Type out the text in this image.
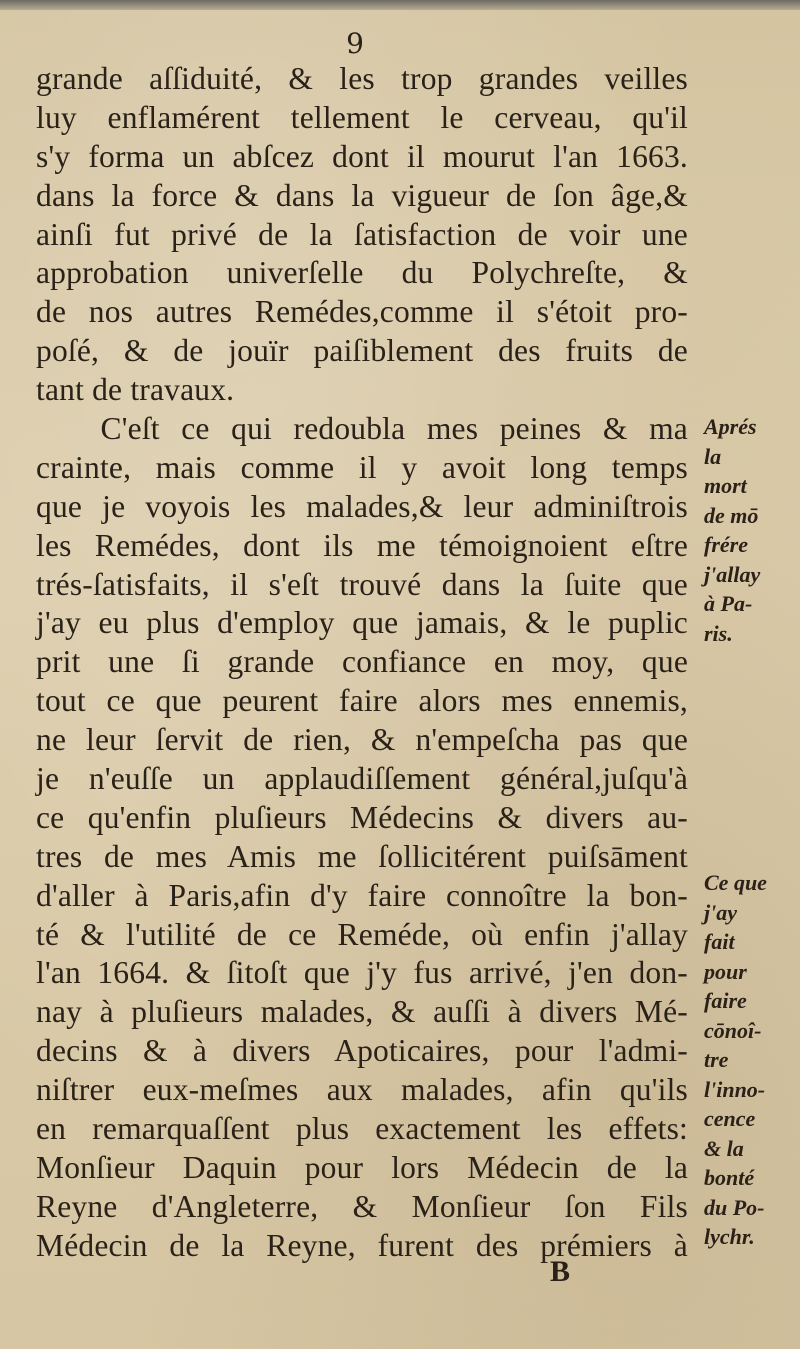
9
grande aſſiduité, & les trop grandes veilles
luy enflamérent tellement le cerveau, qu'il
s'y forma un abſcez dont il mourut l'an 1663.
dans la force & dans la vigueur de ſon âge,&
ainſi fut privé de la ſatisfaction de voir une
approbation univerſelle du Polychreſte, &
de nos autres Remédes,comme il s'étoit pro-
poſé, & de jouïr paiſiblement des fruits de
tant de travaux.
C'eſt ce qui redoubla mes peines & ma
crainte, mais comme il y avoit long temps
que je voyois les malades,& leur adminiſtrois
les Remédes, dont ils me témoignoient eſtre
trés-ſatisfaits, il s'eſt trouvé dans la ſuite que
j'ay eu plus d'employ que jamais, & le puplic
prit une ſi grande confiance en moy, que
tout ce que peurent faire alors mes ennemis,
ne leur ſervit de rien, & n'empeſcha pas que
je n'euſſe un applaudiſſement général,juſqu'à
ce qu'enfin pluſieurs Médecins & divers au-
tres de mes Amis me ſollicitérent puiſsāment
d'aller à Paris,afin d'y faire connoître la bon-
té & l'utilité de ce Reméde, où enfin j'allay
l'an 1664. & ſitoſt que j'y fus arrivé, j'en don-
nay à pluſieurs malades, & auſſi à divers Mé-
decins & à divers Apoticaires, pour l'admi-
niſtrer eux-meſmes aux malades, afin qu'ils
en remarquaſſent plus exactement les effets:
Monſieur Daquin pour lors Médecin de la
Reyne d'Angleterre, & Monſieur ſon Fils
Médecin de la Reyne, furent des prémiers à
B
Aprés
la
mort
de mō
frére
j'allay
à Pa-
ris.
Ce que
j'ay
fait
pour
faire
cōnoî-
tre
l'inno-
cence
& la
bonté
du Po-
lychr.
